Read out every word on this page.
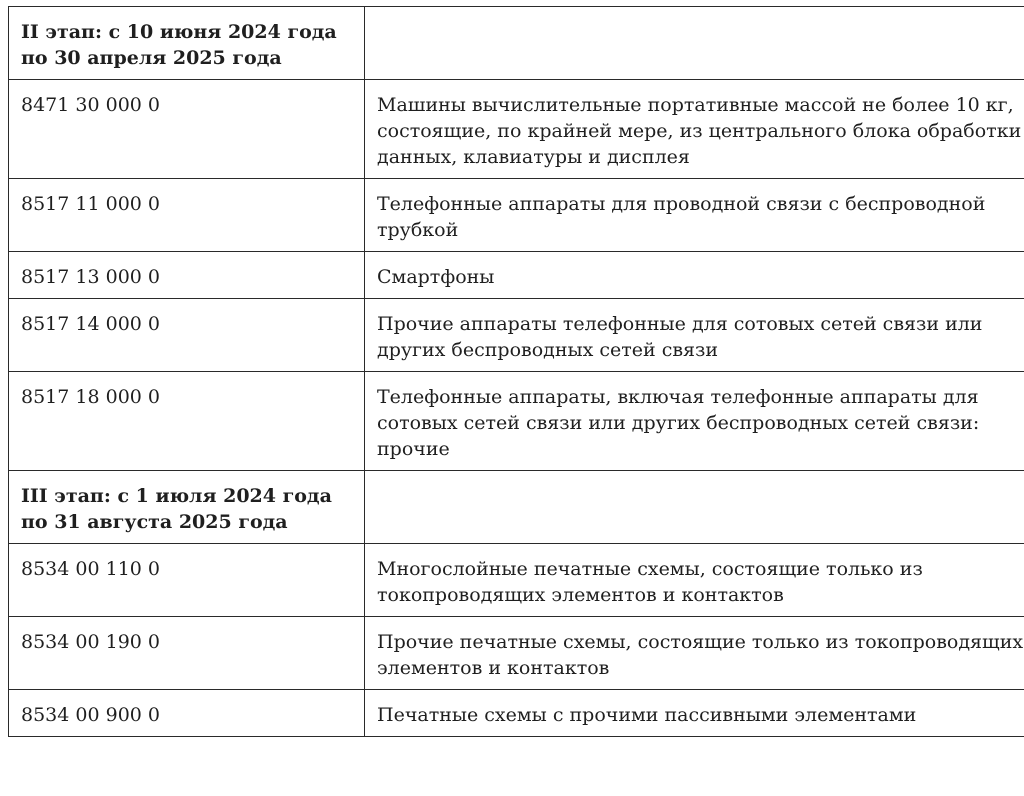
II этап: с 10 июня 2024 года по 30 апреля 2025 года	
8471 30 000 0	Машины вычислительные портативные массой не более 10 кг, состоящие, по крайней мере, из центрального блока обработки данных, клавиатуры и дисплея
8517 11 000 0	Телефонные аппараты для проводной связи с беспроводной трубкой
8517 13 000 0	Смартфоны
8517 14 000 0	Прочие аппараты телефонные для сотовых сетей связи или других беспроводных сетей связи
8517 18 000 0	Телефонные аппараты, включая телефонные аппараты для сотовых сетей связи или других беспроводных сетей связи: прочие
III этап: с 1 июля 2024 года по 31 августа 2025 года	
8534 00 110 0	Многослойные печатные схемы, состоящие только из токопроводящих элементов и контактов
8534 00 190 0	Прочие печатные схемы, состоящие только из токопроводящих элементов и контактов
8534 00 900 0	Печатные схемы с прочими пассивными элементами
